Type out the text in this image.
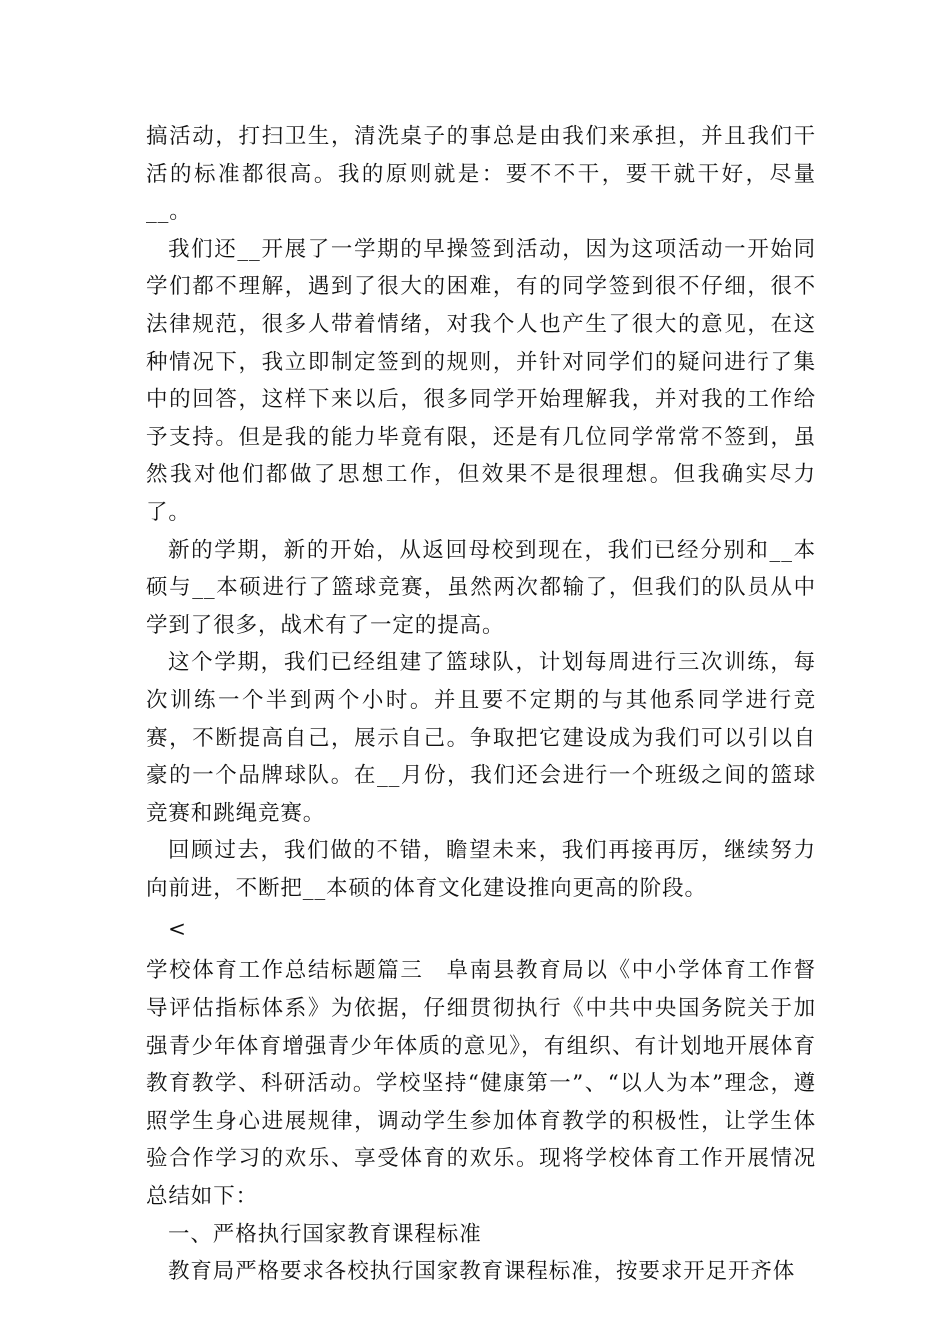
搞活动，打扫卫生，清洗桌子的事总是由我们来承担，并且我们干活的标准都很高。我的原则就是：要不不干，要干就干好，尽量__。

我们还__开展了一学期的早操签到活动，因为这项活动一开始同学们都不理解，遇到了很大的困难，有的同学签到很不仔细，很不法律规范，很多人带着情绪，对我个人也产生了很大的意见，在这种情况下，我立即制定签到的规则，并针对同学们的疑问进行了集中的回答，这样下来以后，很多同学开始理解我，并对我的工作给予支持。但是我的能力毕竟有限，还是有几位同学常常不签到，虽然我对他们都做了思想工作，但效果不是很理想。但我确实尽力了。

新的学期，新的开始，从返回母校到现在，我们已经分别和__本硕与__本硕进行了篮球竞赛，虽然两次都输了，但我们的队员从中学到了很多，战术有了一定的提高。

这个学期，我们已经组建了篮球队，计划每周进行三次训练，每次训练一个半到两个小时。并且要不定期的与其他系同学进行竞赛，不断提高自己，展示自己。争取把它建设成为我们可以引以自豪的一个品牌球队。在__月份，我们还会进行一个班级之间的篮球竞赛和跳绳竞赛。

回顾过去，我们做的不错，瞻望未来，我们再接再厉，继续努力向前进，不断把__本硕的体育文化建设推向更高的阶段。

<

学校体育工作总结标题篇三　阜南县教育局以《中小学体育工作督导评估指标体系》为依据，仔细贯彻执行《中共中央国务院关于加强青少年体育增强青少年体质的意见》，有组织、有计划地开展体育教育教学、科研活动。学校坚持“健康第一”、“以人为本”理念，遵照学生身心进展规律，调动学生参加体育教学的积极性，让学生体验合作学习的欢乐、享受体育的欢乐。现将学校体育工作开展情况总结如下：

一、严格执行国家教育课程标准

教育局严格要求各校执行国家教育课程标准，按要求开足开齐体
